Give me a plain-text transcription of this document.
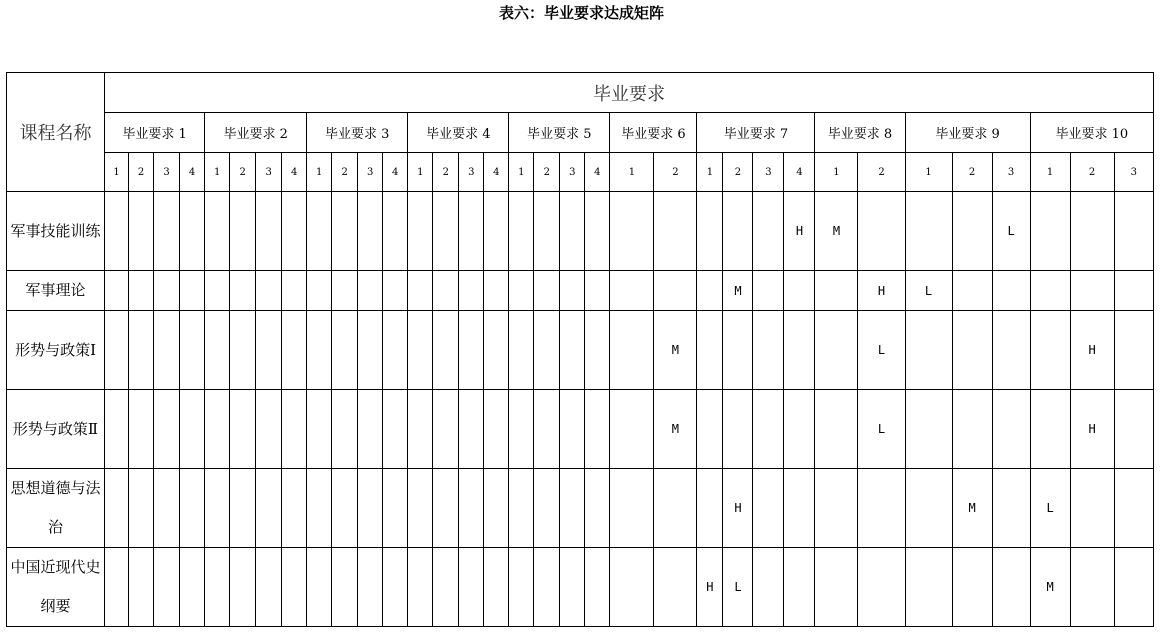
表六：毕业要求达成矩阵
课程名称	毕业要求																																	
	毕业要求 1				毕业要求 2				毕业要求 3				毕业要求 4				毕业要求 5				毕业要求 6		毕业要求 7				毕业要求 8		毕业要求 9			毕业要求 10		
	1	2	3	4	1	2	3	4	1	2	3	4	1	2	3	4	1	2	3	4	1	2	1	2	3	4	1	2	1	2	3	1	2	3
军事技能训练																										H	M				L			
军事理论																								M				H	L					
形势与政策Ⅰ																						M						L					H	
形势与政策Ⅱ																						M						L					H	
思想道德与法治																								H						M		L		
中国近现代史纲要																							H	L								M		
